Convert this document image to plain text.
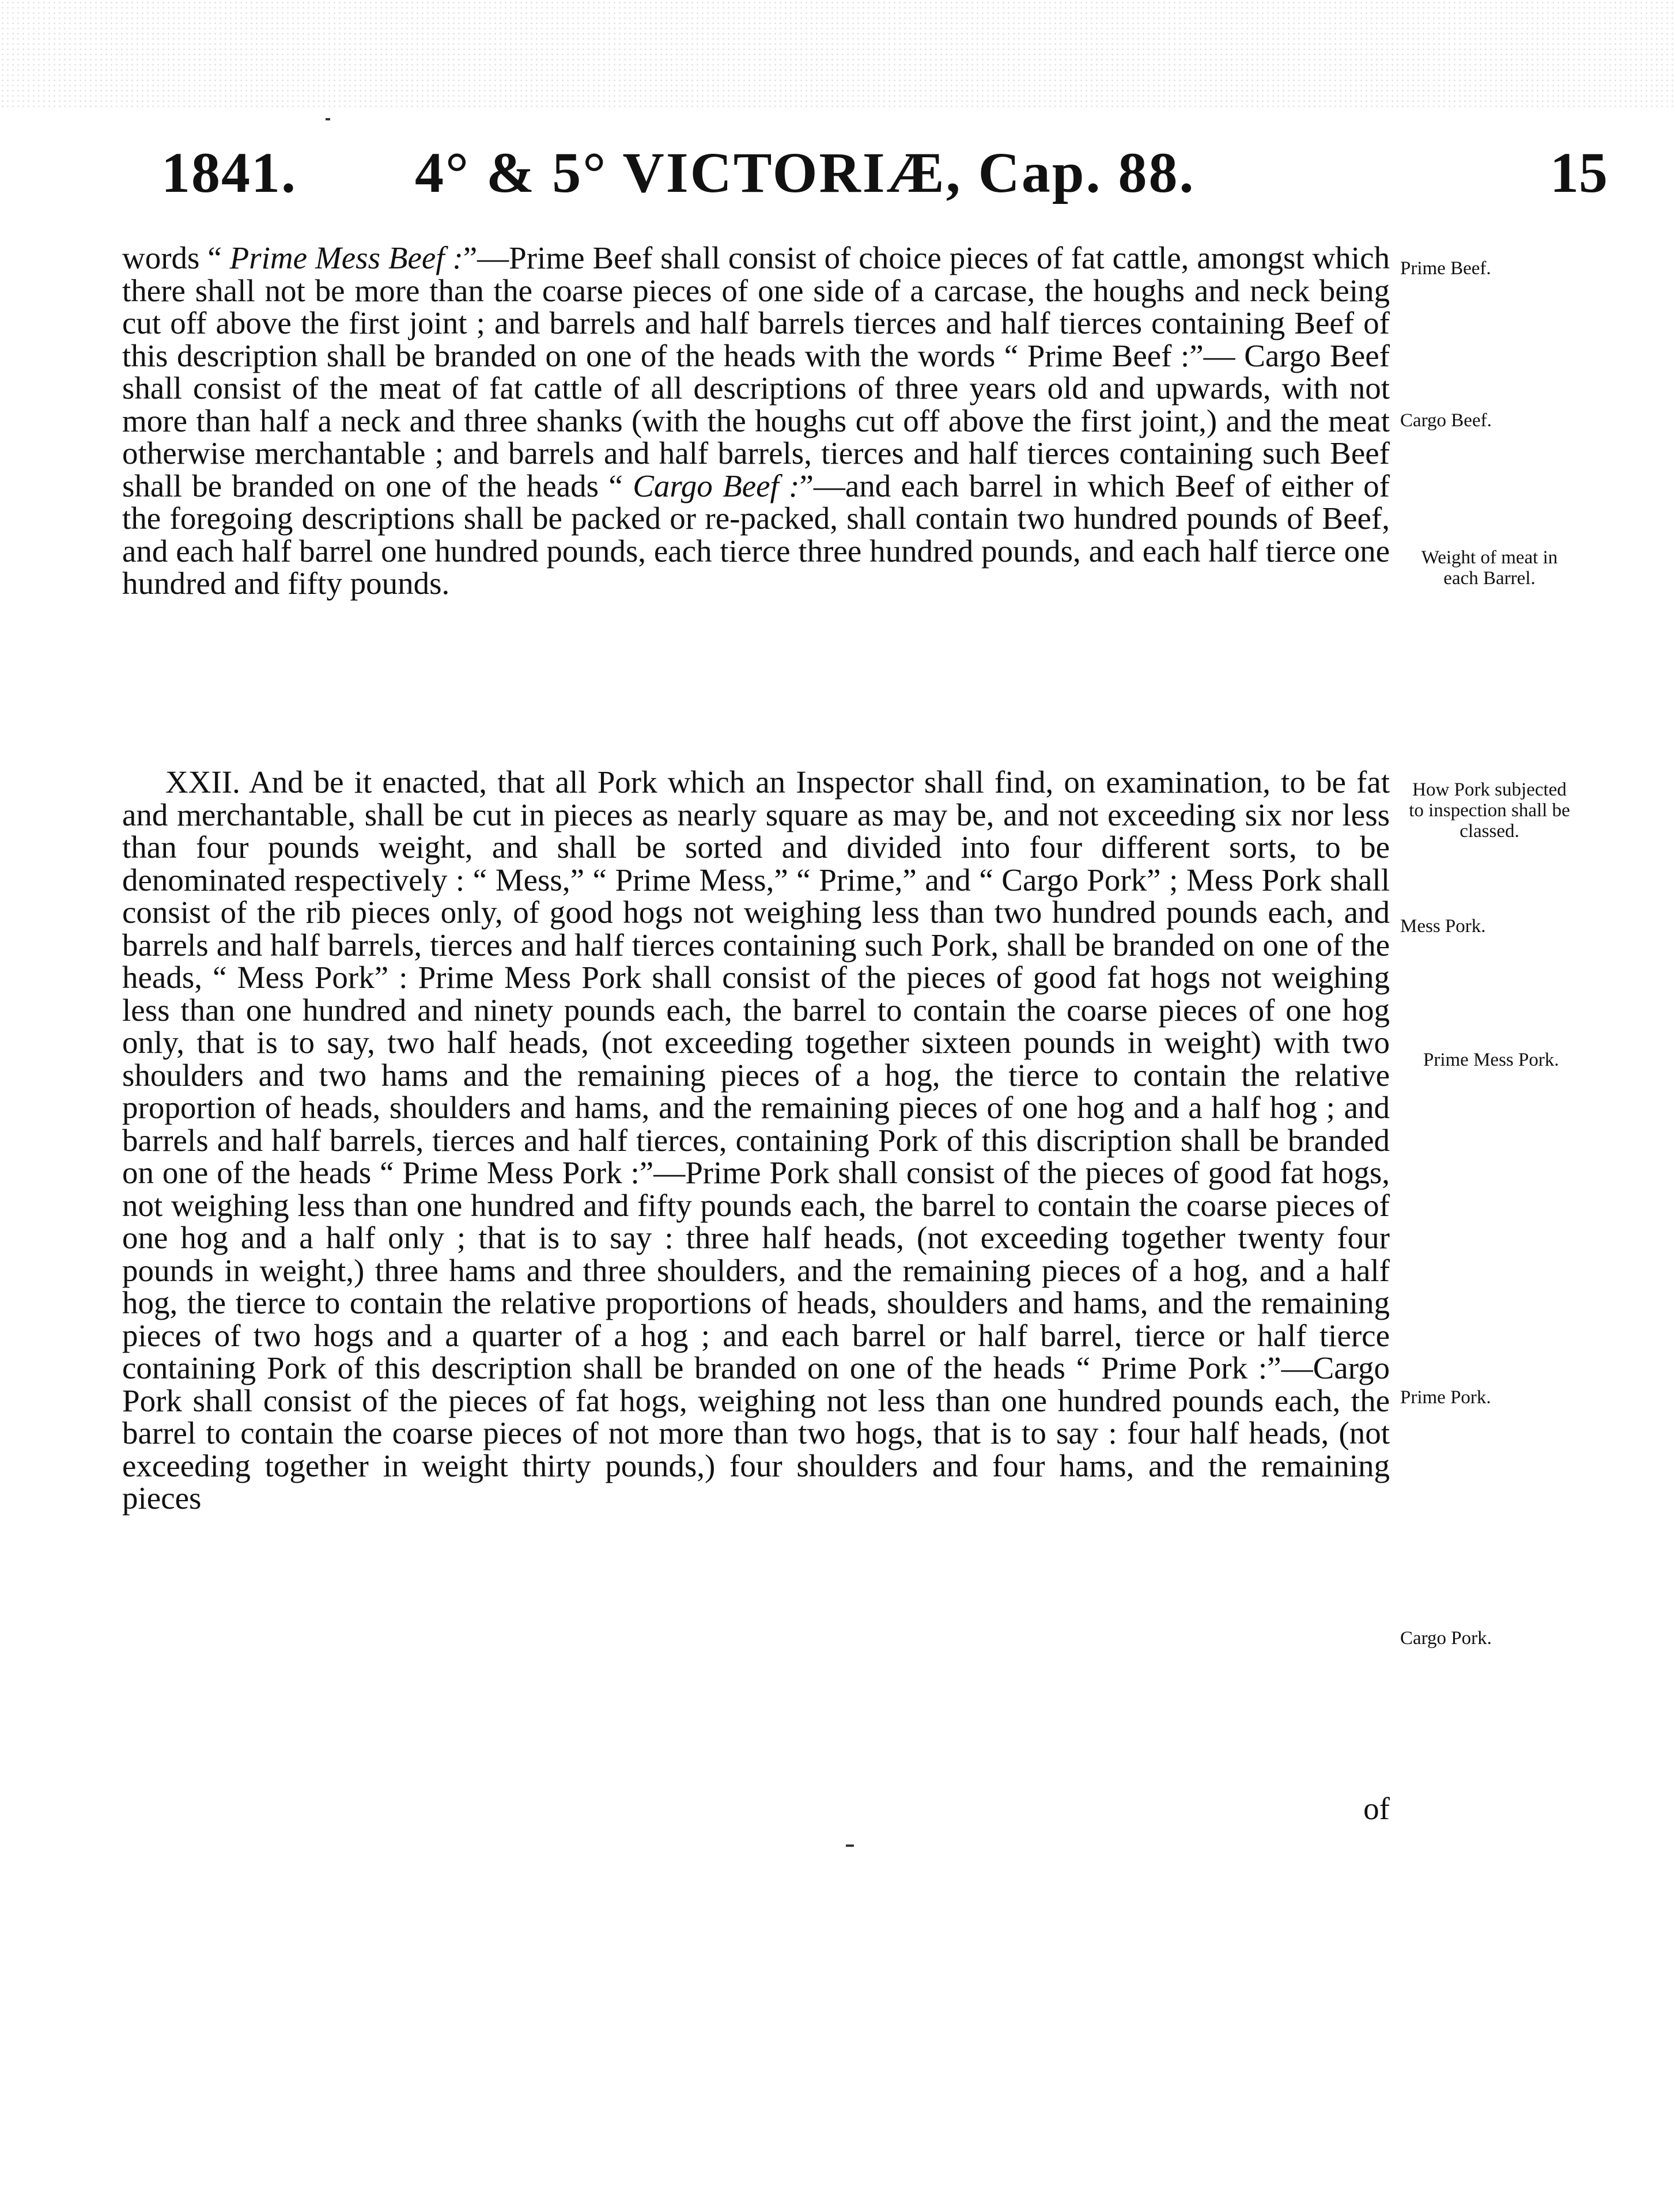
1841. 4° & 5° VICTORIÆ, Cap. 88.	15

words “ Prime Mess Beef :”—Prime Beef shall consist of choice pieces of fat cattle, amongst which there shall not be more than the coarse pieces of one side of a carcase, the houghs and neck being cut off above the first joint ; and barrels and half barrels tierces and half tierces containing Beef of this description shall be branded on one of the heads with the words “ Prime Beef :”— Cargo Beef shall consist of the meat of fat cattle of all descriptions of three years old and upwards, with not more than half a neck and three shanks (with the houghs cut off above the first joint,) and the meat otherwise merchantable ; and barrels and half barrels, tierces and half tierces containing such Beef shall be branded on one of the heads “ Cargo Beef :”—and each barrel in which Beef of either of the foregoing descriptions shall be packed or re-packed, shall contain two hundred pounds of Beef, and each half barrel one hundred pounds, each tierce three hundred pounds, and each half tierce one hundred and fifty pounds.

XXII. And be it enacted, that all Pork which an Inspector shall find, on examination, to be fat and merchantable, shall be cut in pieces as nearly square as may be, and not exceeding six nor less than four pounds weight, and shall be sorted and divided into four different sorts, to be denominated respectively : “ Mess,” “ Prime Mess,” “ Prime,” and “ Cargo Pork” ; Mess Pork shall consist of the rib pieces only, of good hogs not weighing less than two hundred pounds each, and barrels and half barrels, tierces and half tierces containing such Pork, shall be branded on one of the heads, “ Mess Pork” : Prime Mess Pork shall consist of the pieces of good fat hogs not weighing less than one hundred and ninety pounds each, the barrel to contain the coarse pieces of one hog only, that is to say, two half heads, (not exceeding together sixteen pounds in weight) with two shoulders and two hams and the remaining pieces of a hog, the tierce to contain the relative proportion of heads, shoulders and hams, and the remaining pieces of one hog and a half hog ; and barrels and half barrels, tierces and half tierces, containing Pork of this discription shall be branded on one of the heads “ Prime Mess Pork :”—Prime Pork shall consist of the pieces of good fat hogs, not weighing less than one hundred and fifty pounds each, the barrel to contain the coarse pieces of one hog and a half only ; that is to say : three half heads, (not exceeding together twenty four pounds in weight,) three hams and three shoulders, and the remaining pieces of a hog, and a half hog, the tierce to contain the relative proportions of heads, shoulders and hams, and the remaining pieces of two hogs and a quarter of a hog ; and each barrel or half barrel, tierce or half tierce containing Pork of this description shall be branded on one of the heads “ Prime Pork :”—Cargo Pork shall consist of the pieces of fat hogs, weighing not less than one hundred pounds each, the barrel to contain the coarse pieces of not more than two hogs, that is to say : four half heads, (not exceeding together in weight thirty pounds,) four shoulders and four hams, and the remaining pieces

of
Prime Beef.
Cargo Beef.
Weight of meat in each Barrel.
How Pork subjected to inspection shall be classed.
Mess Pork.
Prime Mess Pork.
Prime Pork.
Cargo Pork.
